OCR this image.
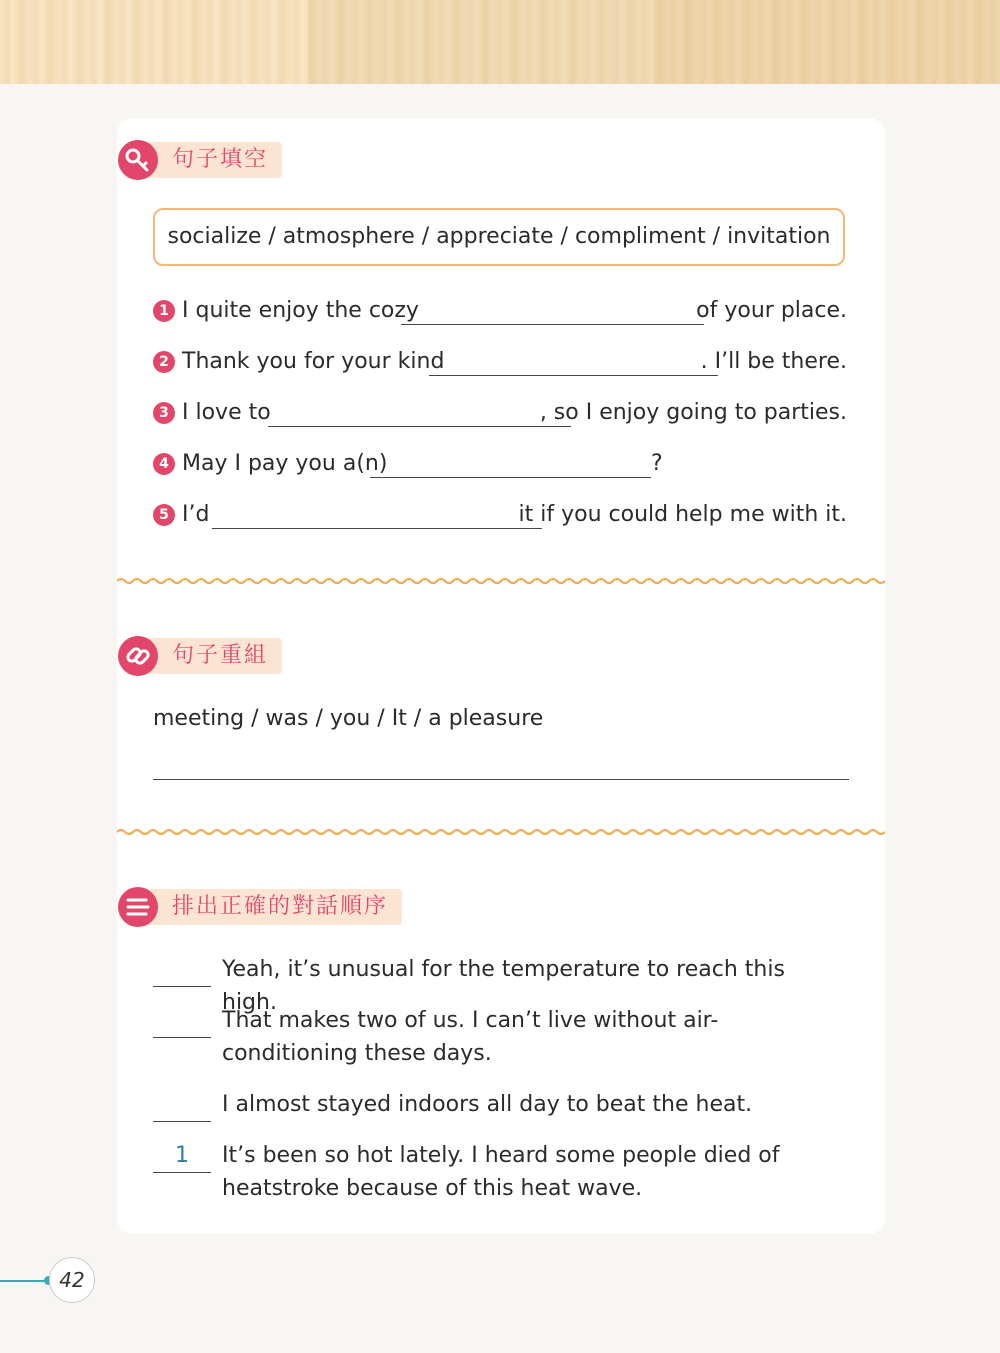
句子填空
socialize / atmosphere / appreciate / compliment / invitation
1 I quite enjoy the cozy	of your place.
2 Thank you for your kind	. I’ll be there.
3 I love to	, so I enjoy going to parties.
4 May I pay you a(n)	?
5 I’d	it if you could help me with it.
句子重組
meeting / was / you / It / a pleasure
排出正確的對話順序
Yeah, it’s unusual for the temperature to reach this high.
That makes two of us. I can’t live without air-conditioning these days.
I almost stayed indoors all day to beat the heat.
1	It’s been so hot lately. I heard some people died of heatstroke because of this heat wave.
42
